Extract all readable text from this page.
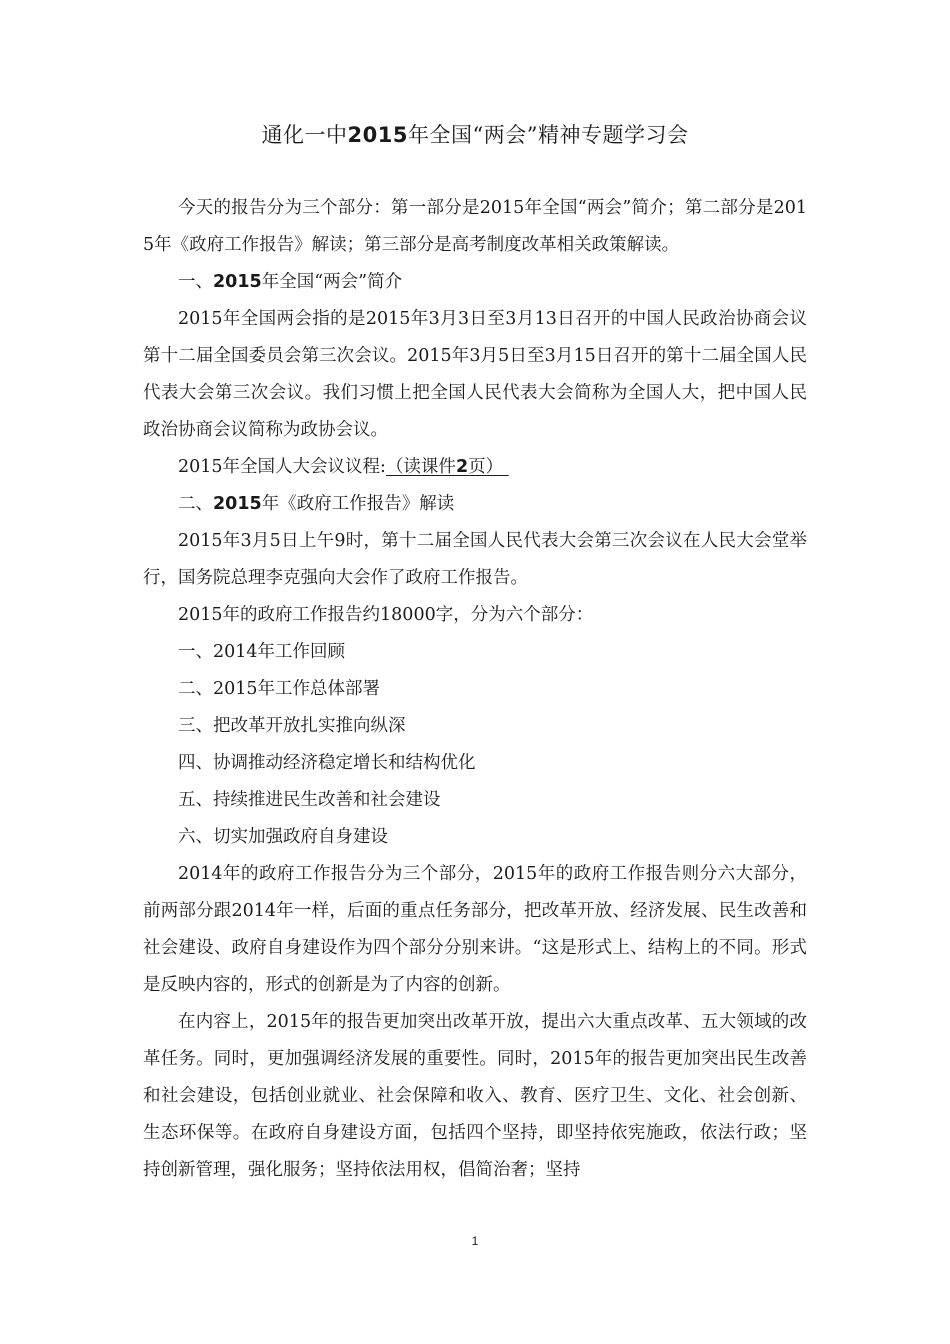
通化一中2015年全国“两会”精神专题学习会

今天的报告分为三个部分：第一部分是2015年全国“两会”简介；第二部分是2015年《政府工作报告》解读；第三部分是高考制度改革相关政策解读。

一、2015年全国“两会”简介

2015年全国两会指的是2015年3月3日至3月13日召开的中国人民政治协商会议第十二届全国委员会第三次会议。2015年3月5日至3月15日召开的第十二届全国人民代表大会第三次会议。我们习惯上把全国人民代表大会简称为全国人大，把中国人民政治协商会议简称为政协会议。

2015年全国人大会议议程:（读课件2页）

二、2015年《政府工作报告》解读

2015年3月5日上午9时，第十二届全国人民代表大会第三次会议在人民大会堂举行，国务院总理李克强向大会作了政府工作报告。

2015年的政府工作报告约18000字，分为六个部分：

一、2014年工作回顾

二、2015年工作总体部署

三、把改革开放扎实推向纵深

四、协调推动经济稳定增长和结构优化

五、持续推进民生改善和社会建设

六、切实加强政府自身建设

2014年的政府工作报告分为三个部分，2015年的政府工作报告则分六大部分，前两部分跟2014年一样，后面的重点任务部分，把改革开放、经济发展、民生改善和社会建设、政府自身建设作为四个部分分别来讲。“这是形式上、结构上的不同。形式是反映内容的，形式的创新是为了内容的创新。

在内容上，2015年的报告更加突出改革开放，提出六大重点改革、五大领域的改革任务。同时，更加强调经济发展的重要性。同时，2015年的报告更加突出民生改善和社会建设，包括创业就业、社会保障和收入、教育、医疗卫生、文化、社会创新、生态环保等。在政府自身建设方面，包括四个坚持，即坚持依宪施政，依法行政；坚持创新管理，强化服务；坚持依法用权，倡简治奢；坚持

1
